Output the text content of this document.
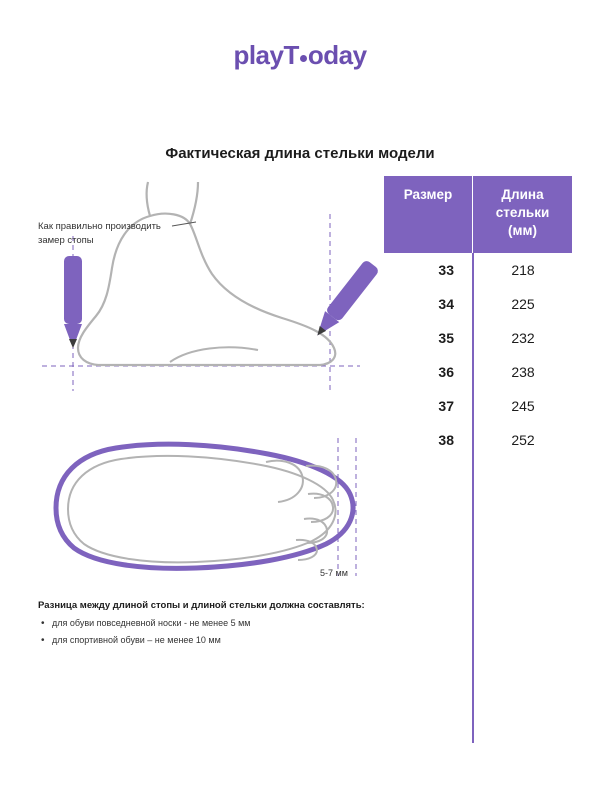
playT oday
Фактическая длина стельки модели
Как правильно производить
замер стопы
5-7 мм
Размер	Длина
стельки
(мм)
33	218
34	225
35	232
36	238
37	245
38	252
Разница между длиной стопы и длиной стельки должна составлять:
• для обуви повседневной носки - не менее 5 мм
• для спортивной обуви – не менее 10 мм
